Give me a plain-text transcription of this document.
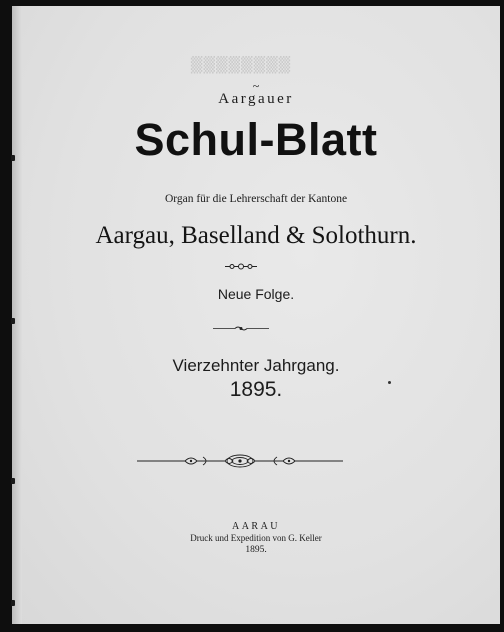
▒▒▒▒▒▒▒▒
~
Aargauer
Schul-Blatt
Organ für die Lehrerschaft der Kantone
Aargau, Baselland & Solothurn.
Neue Folge.
Vierzehnter Jahrgang.
1895.
AARAU
Druck und Expedition von G. Keller
1895.
